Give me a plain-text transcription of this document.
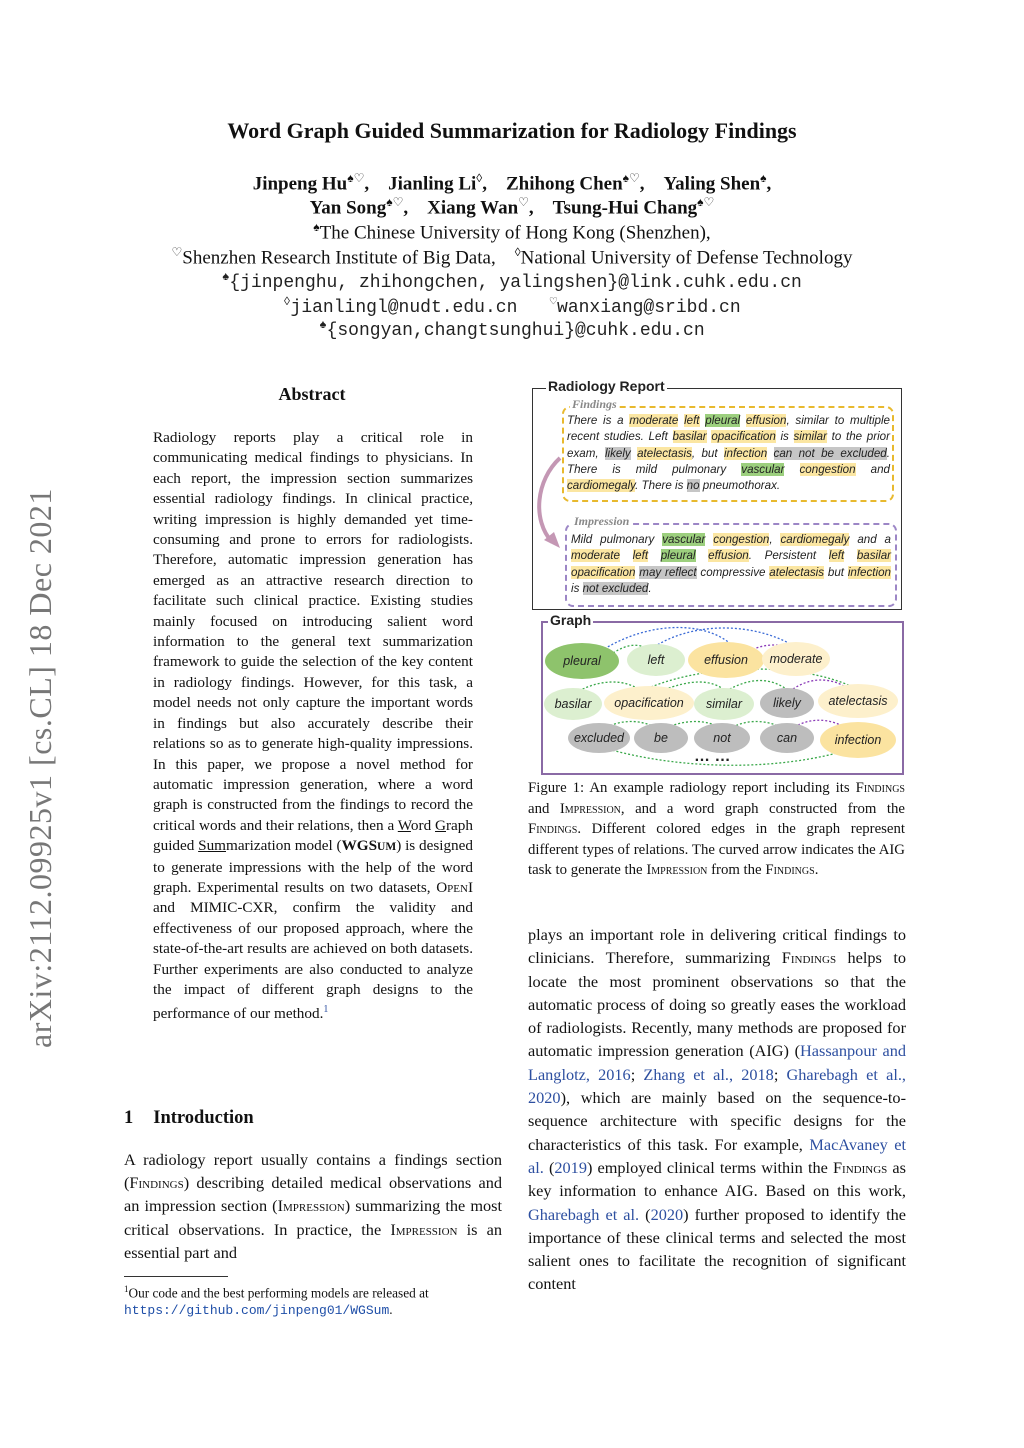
Word Graph Guided Summarization for Radiology Findings
Jinpeng Hu♠♡, Jianling Li◊, Zhihong Chen♠♡, Yaling Shen♠,
Yan Song♠♡, Xiang Wan♡, Tsung-Hui Chang♠♡
♠The Chinese University of Hong Kong (Shenzhen),
♡Shenzhen Research Institute of Big Data, ◊National University of Defense Technology
♠{jinpenghu, zhihongchen, yalingshen}@link.cuhk.edu.cn
◊jianlingl@nudt.edu.cn	♡wanxiang@sribd.cn
♠{songyan,changtsunghui}@cuhk.edu.cn
arXiv:2112.09925v1 [cs.CL] 18 Dec 2021
Abstract
Radiology reports play a critical role in communicating medical findings to physicians. In each report, the impression section summarizes essential radiology findings. In clinical practice, writing impression is highly demanded yet time-consuming and prone to errors for radiologists. Therefore, automatic impression generation has emerged as an attractive research direction to facilitate such clinical practice. Existing studies mainly focused on introducing salient word information to the general text summarization framework to guide the selection of the key content in radiology findings. However, for this task, a model needs not only capture the important words in findings but also accurately describe their relations so as to generate high-quality impressions. In this paper, we propose a novel method for automatic impression generation, where a word graph is constructed from the findings to record the critical words and their relations, then a Word Graph guided Summarization model (WGSUM) is designed to generate impressions with the help of the word graph. Experimental results on two datasets, OpenI and MIMIC-CXR, confirm the validity and effectiveness of our proposed approach, where the state-of-the-art results are achieved on both datasets. Further experiments are also conducted to analyze the impact of different graph designs to the performance of our method.$^1$
1 Introduction
A radiology report usually contains a findings section (Findings) describing detailed medical observations and an impression section (Impression) summarizing the most critical observations. In practice, the Impression is an essential part and
$^1$Our code and the best performing models are released at
https://github.com/jinpeng01/WGSum.
plays an important role in delivering critical findings to clinicians. Therefore, summarizing Findings helps to locate the most prominent observations so that the automatic process of doing so greatly eases the workload of radiologists. Recently, many methods are proposed for automatic impression generation (AIG) (Hassanpour and Langlotz, 2016; Zhang et al., 2018; Gharebagh et al., 2020), which are mainly based on the sequence-to-sequence architecture with specific designs for the characteristics of this task. For example, MacAvaney et al. (2019) employed clinical terms within the Findings as key information to enhance AIG. Based on this work, Gharebagh et al. (2020) further proposed to identify the importance of these clinical terms and selected the most salient ones to facilitate the recognition of significant content
Radiology Report
Findings
There is a moderate left pleural effusion, similar to multiple recent studies. Left basilar opacification is similar to the prior exam, likely atelectasis, but infection can not be excluded. There is mild pulmonary vascular congestion and cardiomegaly. There is no pneumothorax.
Impression
Mild pulmonary vascular congestion, cardiomegaly and a moderate left pleural effusion. Persistent left basilar opacification may reflect compressive atelectasis but infection is not excluded.
Graph
pleural	left	effusion	moderate
basilar	opacification	similar	likely	atelectasis
excluded	be	not	can	infection
… …
Figure 1: An example radiology report including its Findings and Impression, and a word graph constructed from the Findings. Different colored edges in the graph represent different types of relations. The curved arrow indicates the AIG task to generate the Impression from the Findings.
